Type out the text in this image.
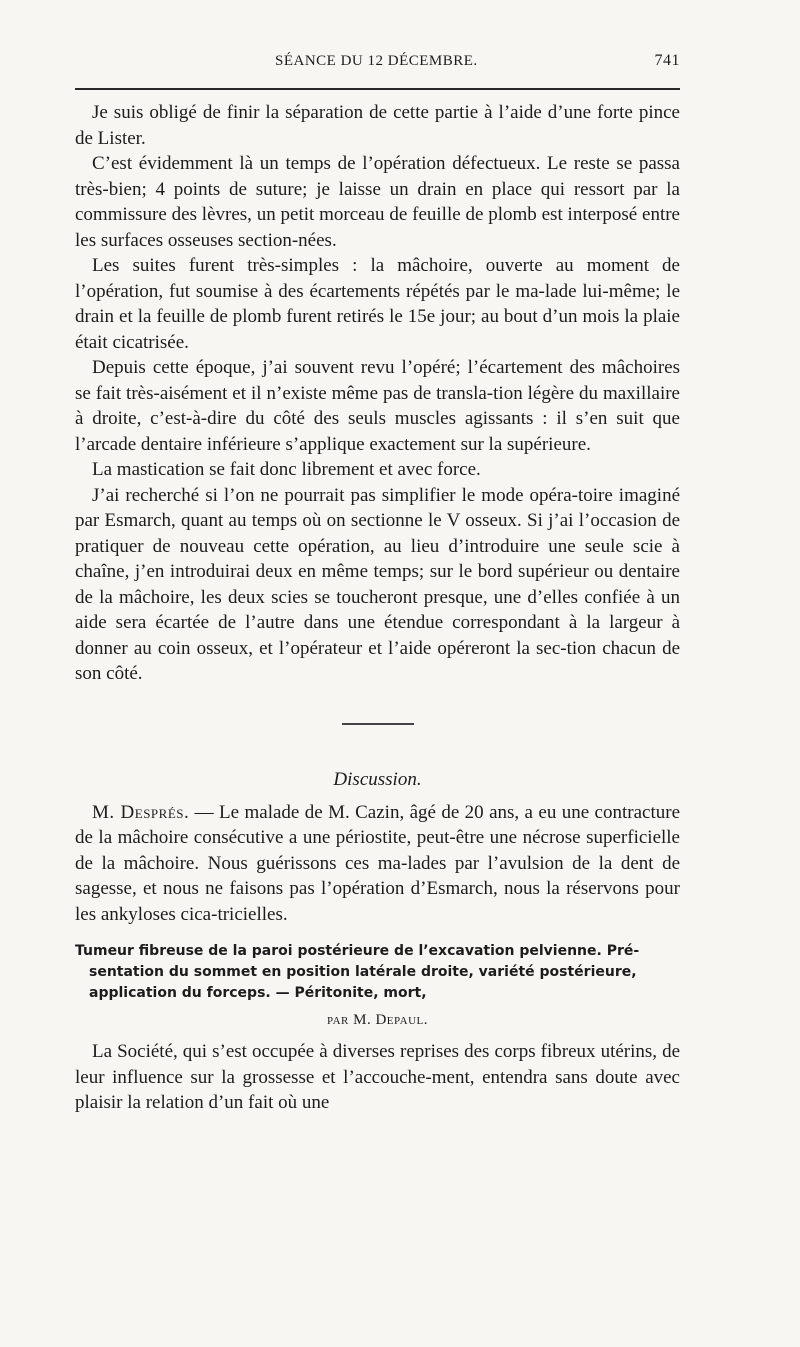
SÉANCE DU 12 DÉCEMBRE.	741

Je suis obligé de finir la séparation de cette partie à l’aide d’une forte pince de Lister.

C’est évidemment là un temps de l’opération défectueux. Le reste se passa très-bien; 4 points de suture; je laisse un drain en place qui ressort par la commissure des lèvres, un petit morceau de feuille de plomb est interposé entre les surfaces osseuses section-nées.

Les suites furent très-simples : la mâchoire, ouverte au moment de l’opération, fut soumise à des écartements répétés par le ma-lade lui-même; le drain et la feuille de plomb furent retirés le 15e jour; au bout d’un mois la plaie était cicatrisée.

Depuis cette époque, j’ai souvent revu l’opéré; l’écartement des mâchoires se fait très-aisément et il n’existe même pas de transla-tion légère du maxillaire à droite, c’est-à-dire du côté des seuls muscles agissants : il s’en suit que l’arcade dentaire inférieure s’applique exactement sur la supérieure.

La mastication se fait donc librement et avec force.

J’ai recherché si l’on ne pourrait pas simplifier le mode opéra-toire imaginé par Esmarch, quant au temps où on sectionne le V osseux. Si j’ai l’occasion de pratiquer de nouveau cette opération, au lieu d’introduire une seule scie à chaîne, j’en introduirai deux en même temps; sur le bord supérieur ou dentaire de la mâchoire, les deux scies se toucheront presque, une d’elles confiée à un aide sera écartée de l’autre dans une étendue correspondant à la largeur à donner au coin osseux, et l’opérateur et l’aide opéreront la sec-tion chacun de son côté.

Discussion.

M. Després. — Le malade de M. Cazin, âgé de 20 ans, a eu une contracture de la mâchoire consécutive a une périostite, peut-être une nécrose superficielle de la mâchoire. Nous guérissons ces ma-lades par l’avulsion de la dent de sagesse, et nous ne faisons pas l’opération d’Esmarch, nous la réservons pour les ankyloses cica-tricielles.

Tumeur fibreuse de la paroi postérieure de l’excavation pelvienne. Pré-
sentation du sommet en position latérale droite, variété postérieure,
application du forceps. — Péritonite, mort,
par M. Depaul.

La Société, qui s’est occupée à diverses reprises des corps fibreux utérins, de leur influence sur la grossesse et l’accouche-ment, entendra sans doute avec plaisir la relation d’un fait où une
